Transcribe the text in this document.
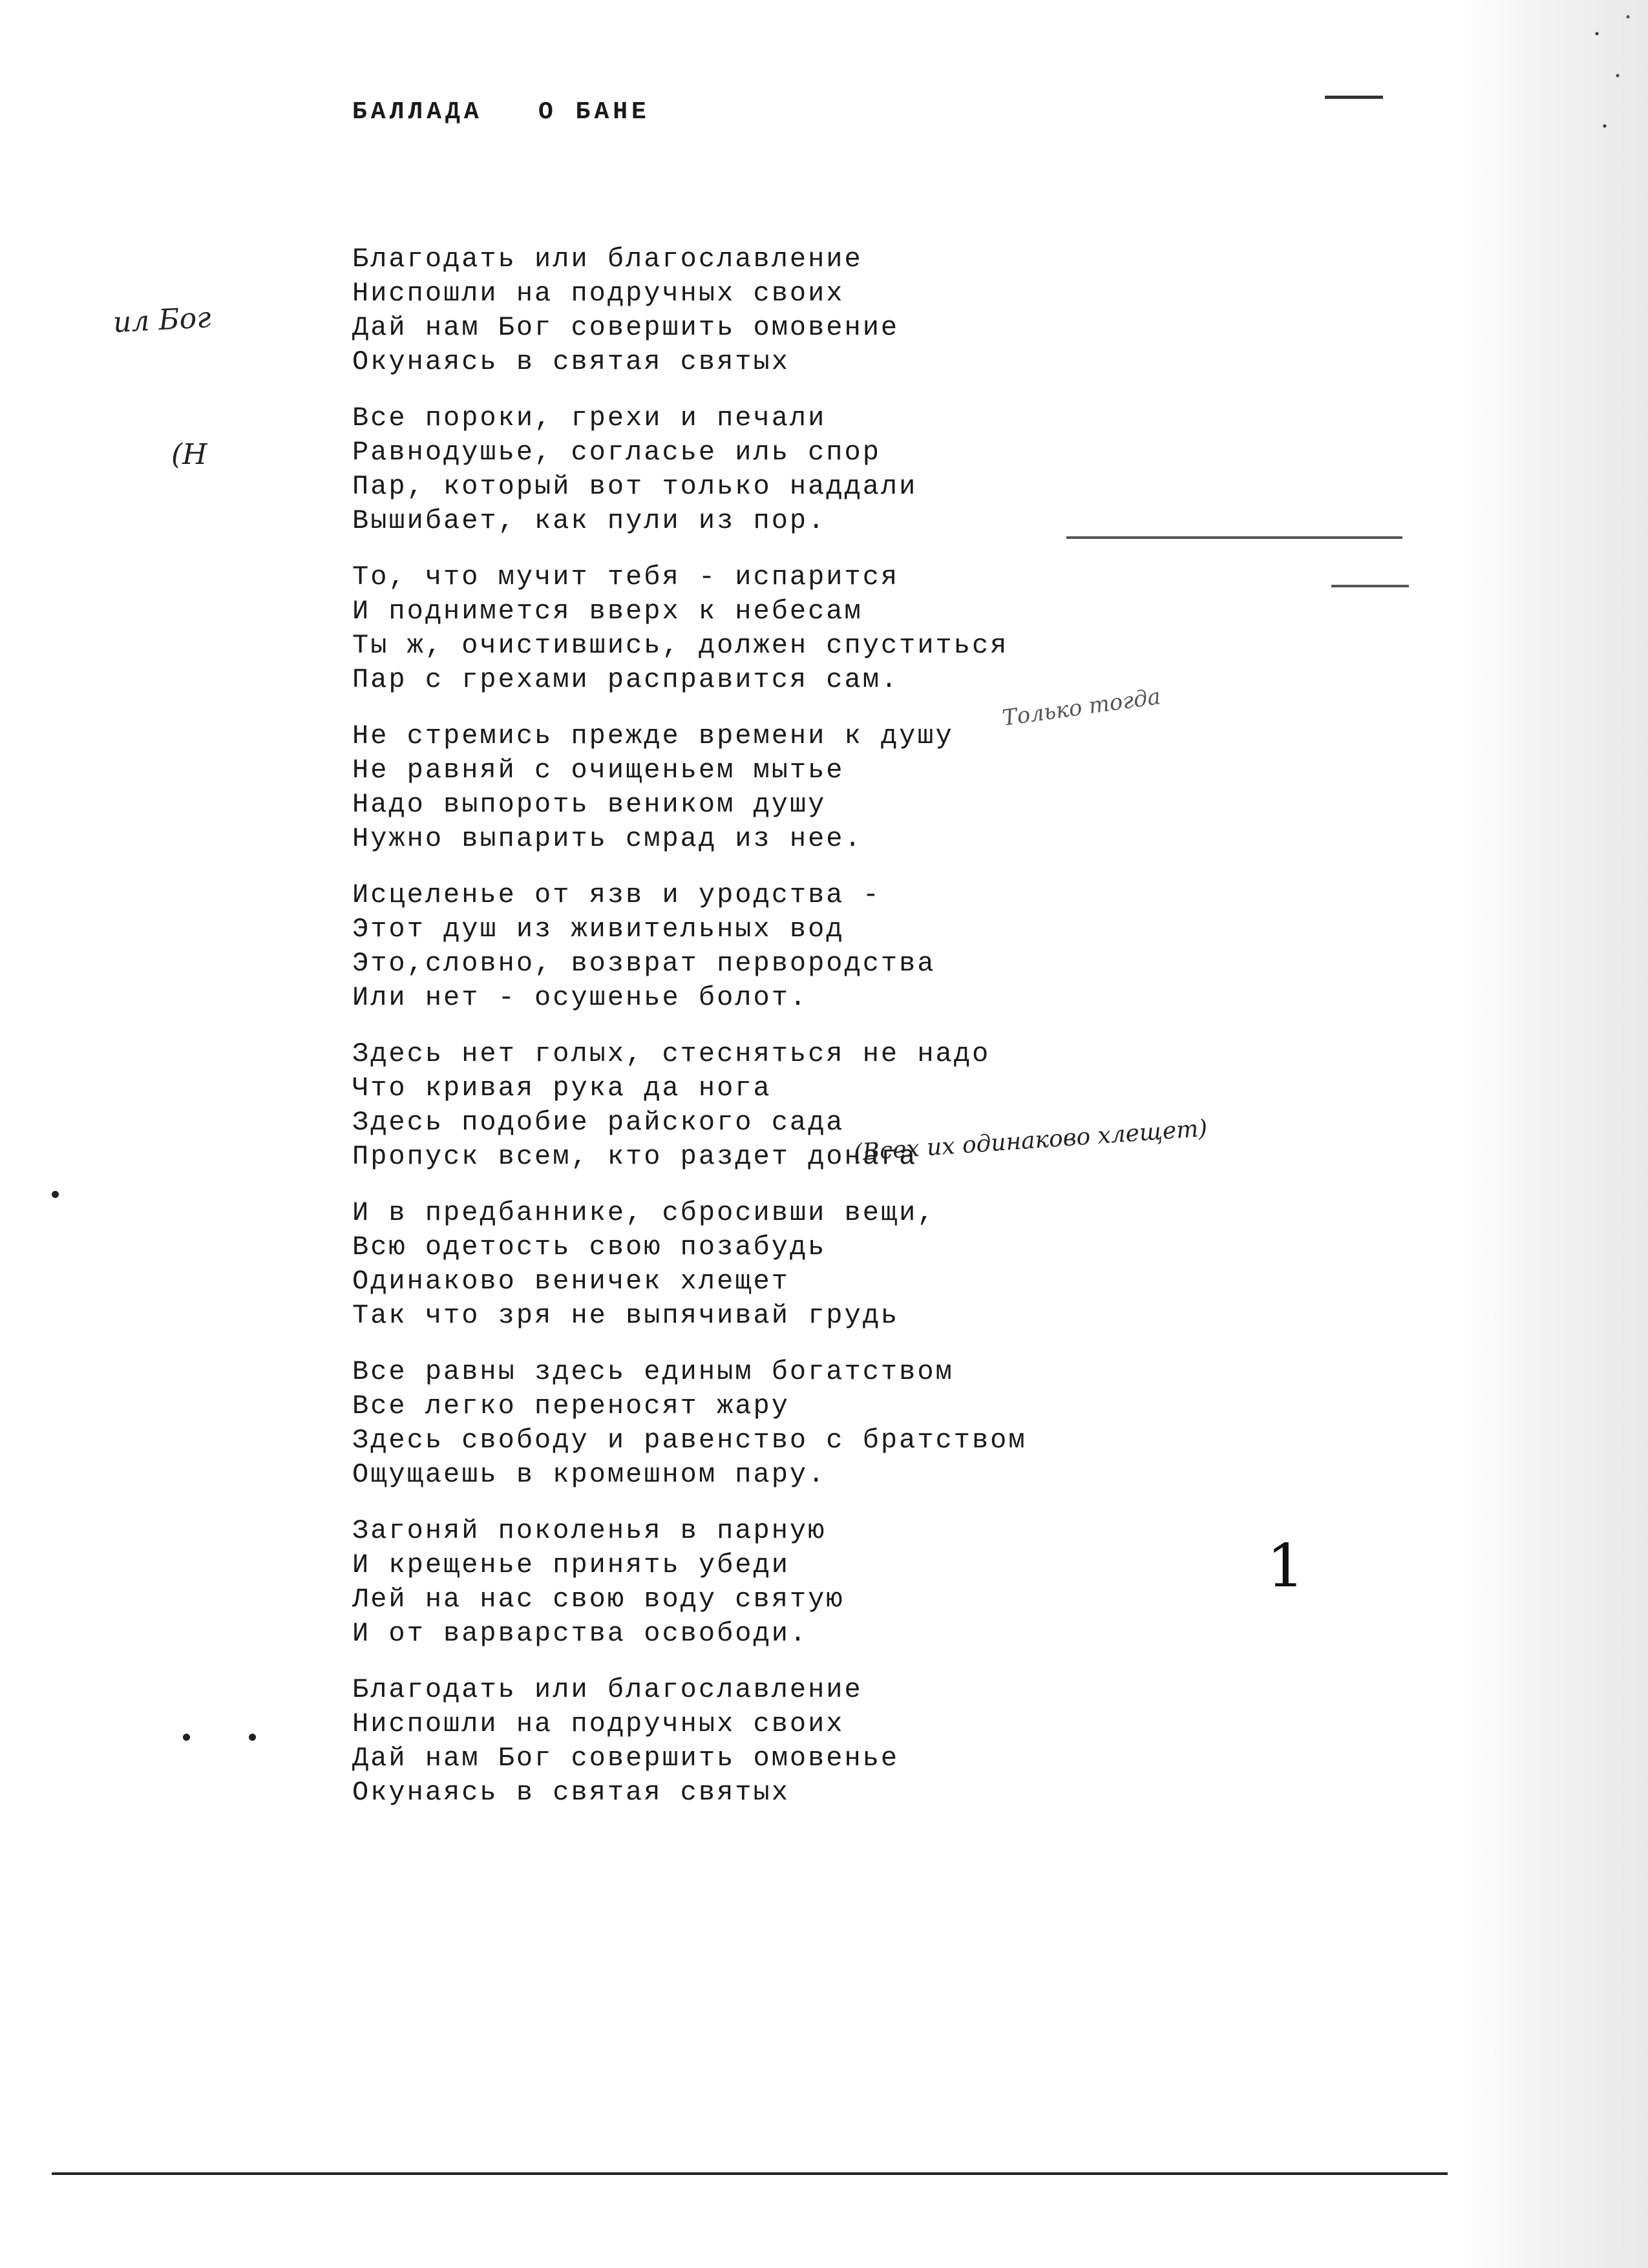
БАЛЛАДА   О БАНЕ
Благодать или благославление
Ниспошли на подручных своих
Дай нам Бог совершить омовение
Окунаясь в святая святых
Все пороки, грехи и печали
Равнодушье, согласье иль спор
Пар, который вот только наддали
Вышибает, как пули из пор.
То, что мучит тебя - испарится
И поднимется вверх к небесам
Ты ж, очистившись, должен спуститься
Пар с грехами расправится сам.
Не стремись прежде времени к душу
Не равняй с очищеньем мытье
Надо выпороть веником душу
Нужно выпарить смрад из нее.
Исцеленье от язв и уродства -
Этот душ из живительных вод
Это,словно, возврат первородства
Или нет - осушенье болот.
Здесь нет голых, стесняться не надо
Что кривая рука да нога
Здесь подобие райского сада
Пропуск всем, кто раздет донага
И в предбаннике, сбросивши вещи,
Всю одетость свою позабудь
Одинаково веничек хлещет
Так что зря не выпячивай грудь
Все равны здесь единым богатством
Все легко переносят жару
Здесь свободу и равенство с братством
Ощущаешь в кромешном пару.
Загоняй поколенья в парную
И крещенье принять убеди
Лей на нас свою воду святую
И от варварства освободи.
Благодать или благославление
Ниспошли на подручных своих
Дай нам Бог совершить омовенье
Окунаясь в святая святых
ил Бог
(Н
Только тогда
(Всех их одинаково хлещет)
1
